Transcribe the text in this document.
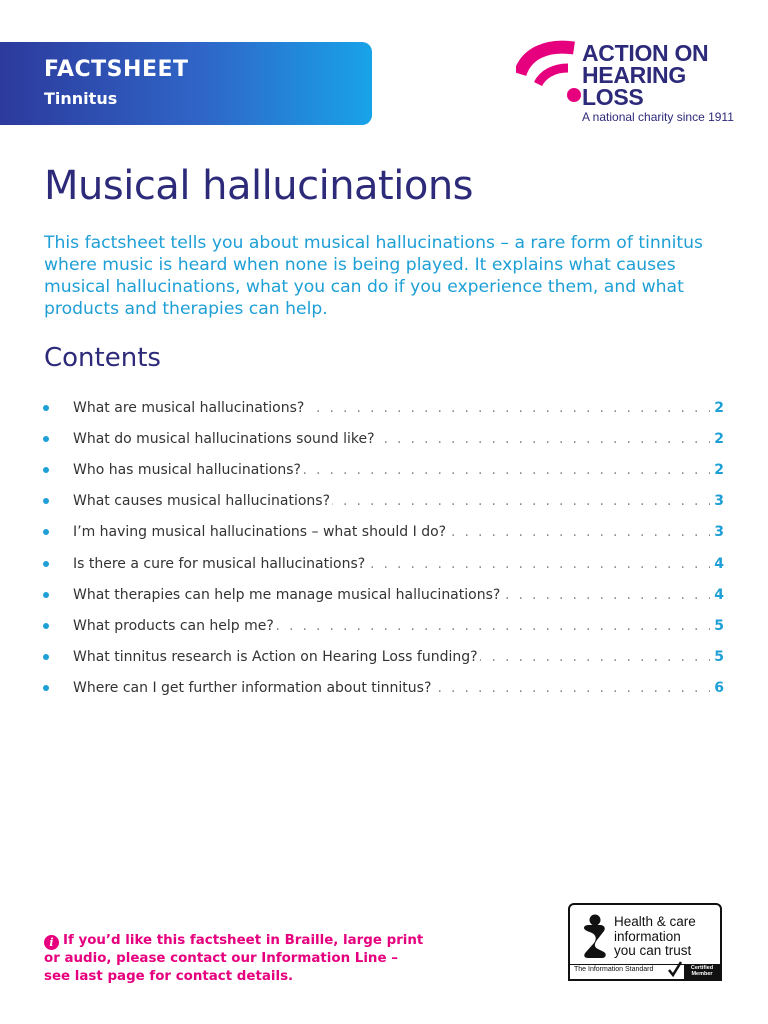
FACTSHEET
Tinnitus
ACTION ON
HEARING
LOSS
A national charity since 1911
Musical hallucinations

This factsheet tells you about musical hallucinations – a rare form of tinnitus where music is heard when none is being played. It explains what causes musical hallucinations, what you can do if you experience them, and what products and therapies can help.

Contents
What are musical hallucinations? . . .	2
What do musical hallucinations sound like? . . .	2
Who has musical hallucinations? . . .	2
What causes musical hallucinations? . . .	3
I’m having musical hallucinations – what should I do? . . .	3
Is there a cure for musical hallucinations? . . .	4
What therapies can help me manage musical hallucinations? . . .	4
What products can help me? . . .	5
What tinnitus research is Action on Hearing Loss funding? . . .	5
Where can I get further information about tinnitus? . . .	6

i If you’d like this factsheet in Braille, large print or audio, please contact our Information Line – see last page for contact details.

Health & care
information
you can trust
The Information Standard	Certified
Member
